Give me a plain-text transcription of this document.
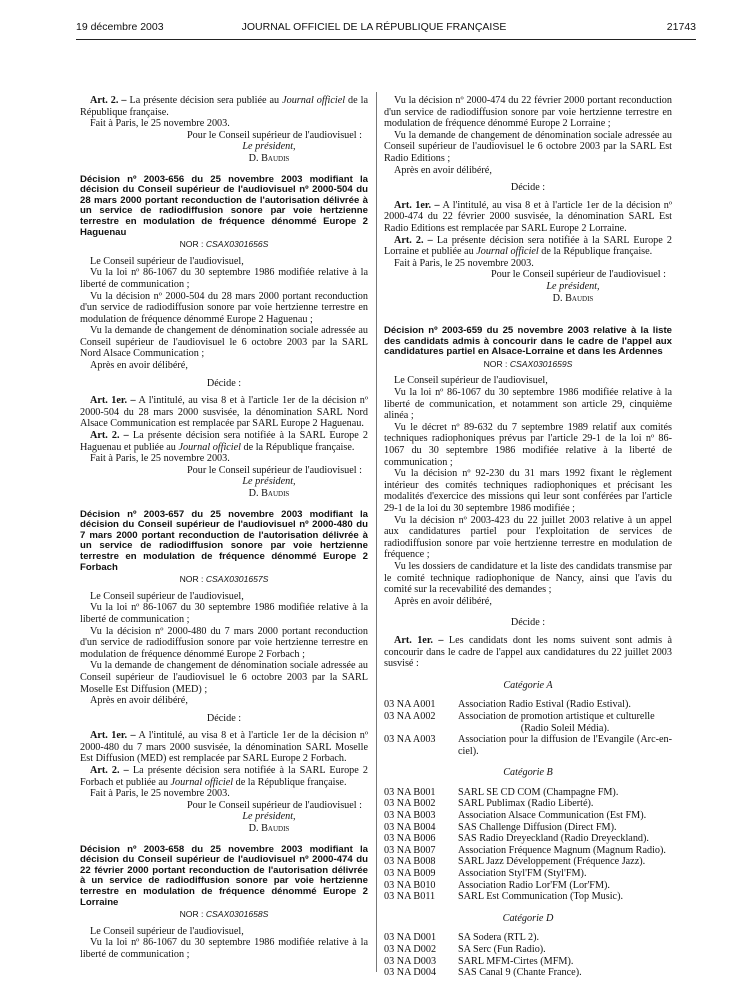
19 décembre 2003	JOURNAL OFFICIEL DE LA RÉPUBLIQUE FRANÇAISE	21743

Art. 2. – La présente décision sera publiée au Journal officiel de la République française.

Fait à Paris, le 25 novembre 2003.

Pour le Conseil supérieur de l'audiovisuel :

Le président,

D. Baudis

Décision nº 2003-656 du 25 novembre 2003 modifiant la décision du Conseil supérieur de l'audiovisuel nº 2000-504 du 28 mars 2000 portant reconduction de l'autorisation délivrée à un service de radiodiffusion sonore par voie hertzienne terrestre en modulation de fréquence dénommé Europe 2 Haguenau

NOR : CSAX0301656S

Le Conseil supérieur de l'audiovisuel,

Vu la loi nº 86-1067 du 30 septembre 1986 modifiée relative à la liberté de communication ;

Vu la décision nº 2000-504 du 28 mars 2000 portant reconduction d'un service de radiodiffusion sonore par voie hertzienne terrestre en modulation de fréquence dénommé Europe 2 Haguenau ;

Vu la demande de changement de dénomination sociale adressée au Conseil supérieur de l'audiovisuel le 6 octobre 2003 par la SARL Nord Alsace Communication ;

Après en avoir délibéré,

Décide :

Art. 1er. – A l'intitulé, au visa 8 et à l'article 1er de la décision nº 2000-504 du 28 mars 2000 susvisée, la dénomination SARL Nord Alsace Communication est remplacée par SARL Europe 2 Haguenau.

Art. 2. – La présente décision sera notifiée à la SARL Europe 2 Haguenau et publiée au Journal officiel de la République française.

Fait à Paris, le 25 novembre 2003.

Pour le Conseil supérieur de l'audiovisuel :

Le président,

D. Baudis

Décision nº 2003-657 du 25 novembre 2003 modifiant la décision du Conseil supérieur de l'audiovisuel nº 2000-480 du 7 mars 2000 portant reconduction de l'autorisation délivrée à un service de radiodiffusion sonore par voie hertzienne terrestre en modulation de fréquence dénommé Europe 2 Forbach

NOR : CSAX0301657S

Le Conseil supérieur de l'audiovisuel,

Vu la loi nº 86-1067 du 30 septembre 1986 modifiée relative à la liberté de communication ;

Vu la décision nº 2000-480 du 7 mars 2000 portant reconduction d'un service de radiodiffusion sonore par voie hertzienne terrestre en modulation de fréquence dénommé Europe 2 Forbach ;

Vu la demande de changement de dénomination sociale adressée au Conseil supérieur de l'audiovisuel le 6 octobre 2003 par la SARL Moselle Est Diffusion (MED) ;

Après en avoir délibéré,

Décide :

Art. 1er. – A l'intitulé, au visa 8 et à l'article 1er de la décision nº 2000-480 du 7 mars 2000 susvisée, la dénomination SARL Moselle Est Diffusion (MED) est remplacée par SARL Europe 2 Forbach.

Art. 2. – La présente décision sera notifiée à la SARL Europe 2 Forbach et publiée au Journal officiel de la République française.

Fait à Paris, le 25 novembre 2003.

Pour le Conseil supérieur de l'audiovisuel :

Le président,

D. Baudis

Décision nº 2003-658 du 25 novembre 2003 modifiant la décision du Conseil supérieur de l'audiovisuel nº 2000-474 du 22 février 2000 portant reconduction de l'autorisation délivrée à un service de radiodiffusion sonore par voie hertzienne terrestre en modulation de fréquence dénommé Europe 2 Lorraine

NOR : CSAX0301658S

Le Conseil supérieur de l'audiovisuel,

Vu la loi nº 86-1067 du 30 septembre 1986 modifiée relative à la liberté de communication ;

Vu la décision nº 2000-474 du 22 février 2000 portant reconduction d'un service de radiodiffusion sonore par voie hertzienne terrestre en modulation de fréquence dénommé Europe 2 Lorraine ;

Vu la demande de changement de dénomination sociale adressée au Conseil supérieur de l'audiovisuel le 6 octobre 2003 par la SARL Est Radio Editions ;

Après en avoir délibéré,

Décide :

Art. 1er. – A l'intitulé, au visa 8 et à l'article 1er de la décision nº 2000-474 du 22 février 2000 susvisée, la dénomination SARL Est Radio Editions est remplacée par SARL Europe 2 Lorraine.

Art. 2. – La présente décision sera notifiée à la SARL Europe 2 Lorraine et publiée au Journal officiel de la République française.

Fait à Paris, le 25 novembre 2003.

Pour le Conseil supérieur de l'audiovisuel :

Le président,

D. Baudis

Décision nº 2003-659 du 25 novembre 2003 relative à la liste des candidats admis à concourir dans le cadre de l'appel aux candidatures partiel en Alsace-Lorraine et dans les Ardennes

NOR : CSAX0301659S

Le Conseil supérieur de l'audiovisuel,

Vu la loi nº 86-1067 du 30 septembre 1986 modifiée relative à la liberté de communication, et notamment son article 29, cinquième alinéa ;

Vu le décret nº 89-632 du 7 septembre 1989 relatif aux comités techniques radiophoniques prévus par l'article 29-1 de la loi nº 86-1067 du 30 septembre 1986 modifiée relative à la liberté de communication ;

Vu la décision nº 92-230 du 31 mars 1992 fixant le règlement intérieur des comités techniques radiophoniques et précisant les modalités d'exercice des missions qui leur sont conférées par l'article 29-1 de la loi du 30 septembre 1986 modifiée ;

Vu la décision nº 2003-423 du 22 juillet 2003 relative à un appel aux candidatures partiel pour l'exploitation de services de radiodiffusion sonore par voie hertzienne terrestre en modulation de fréquence ;

Vu les dossiers de candidature et la liste des candidats transmise par le comité technique radiophonique de Nancy, ainsi que l'avis du comité sur la recevabilité des demandes ;

Après en avoir délibéré,

Décide :

Art. 1er. – Les candidats dont les noms suivent sont admis à concourir dans le cadre de l'appel aux candidatures du 22 juillet 2003 susvisé :

Catégorie A

03 NA A001	Association Radio Estival (Radio Estival).
03 NA A002	Association de promotion artistique et culturelle
(Radio Soleil Média).
03 NA A003	Association pour la diffusion de l'Evangile (Arc-en-ciel).

Catégorie B

03 NA B001	SARL SE CD COM (Champagne FM).
03 NA B002	SARL Publimax (Radio Liberté).
03 NA B003	Association Alsace Communication (Est FM).
03 NA B004	SAS Challenge Diffusion (Direct FM).
03 NA B006	SAS Radio Dreyeckland (Radio Dreyeckland).
03 NA B007	Association Fréquence Magnum (Magnum Radio).
03 NA B008	SARL Jazz Développement (Fréquence Jazz).
03 NA B009	Association Styl'FM (Styl'FM).
03 NA B010	Association Radio Lor'FM (Lor'FM).
03 NA B011	SARL Est Communication (Top Music).

Catégorie D

03 NA D001	SA Sodera (RTL 2).
03 NA D002	SA Serc (Fun Radio).
03 NA D003	SARL MFM-Cirtes (MFM).
03 NA D004	SAS Canal 9 (Chante France).
